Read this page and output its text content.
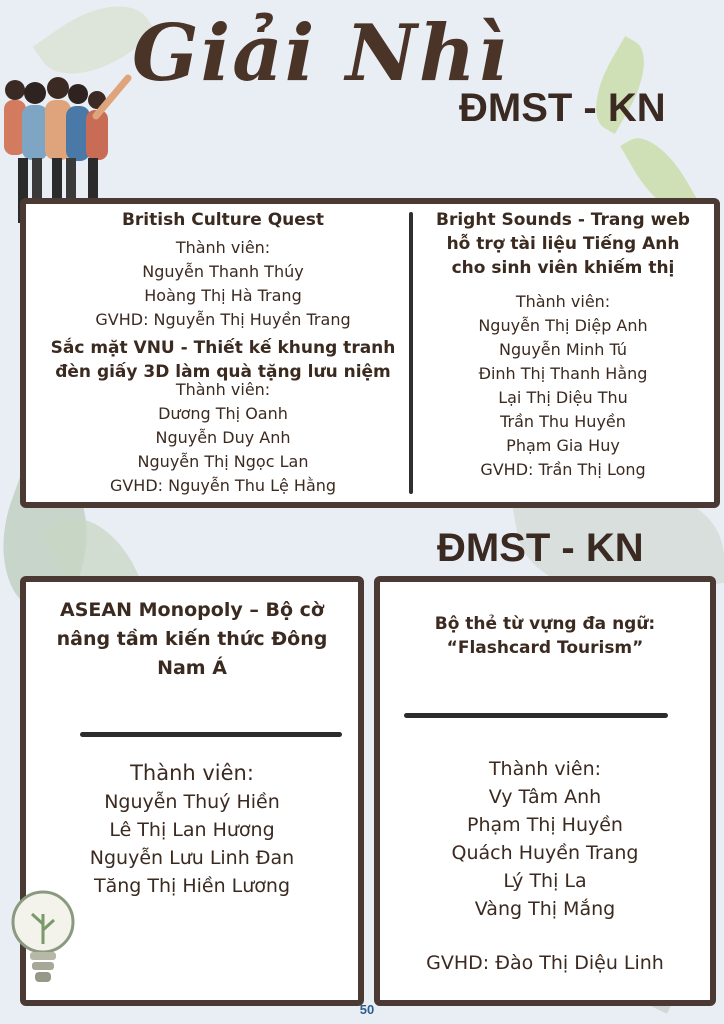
Giải Nhì
ĐMST - KN

British Culture Quest

Thành viên:

Nguyễn Thanh Thúy

Hoàng Thị Hà Trang

GVHD: Nguyễn Thị Huyền Trang

Sắc mặt VNU - Thiết kế khung tranh

đèn giấy 3D làm quà tặng lưu niệm

Thành viên:

Dương Thị Oanh

Nguyễn Duy Anh

Nguyễn Thị Ngọc Lan

GVHD: Nguyễn Thu Lệ Hằng

Bright Sounds - Trang web

hỗ trợ tài liệu Tiếng Anh

cho sinh viên khiếm thị

Thành viên:

Nguyễn Thị Diệp Anh

Nguyễn Minh Tú

Đinh Thị Thanh Hằng

Lại Thị Diệu Thu

Trần Thu Huyền

Phạm Gia Huy

GVHD: Trần Thị Long

ĐMST - KN

ASEAN Monopoly – Bộ cờ

nâng tầm kiến thức Đông

Nam Á

Thành viên:

Nguyễn Thuý Hiền

Lê Thị Lan Hương

Nguyễn Lưu Linh Đan

Tăng Thị Hiền Lương

Bộ thẻ từ vựng đa ngữ:

“Flashcard Tourism”

Thành viên:

Vy Tâm Anh

Phạm Thị Huyền

Quách Huyền Trang

Lý Thị La

Vàng Thị Mắng

GVHD: Đào Thị Diệu Linh

50
